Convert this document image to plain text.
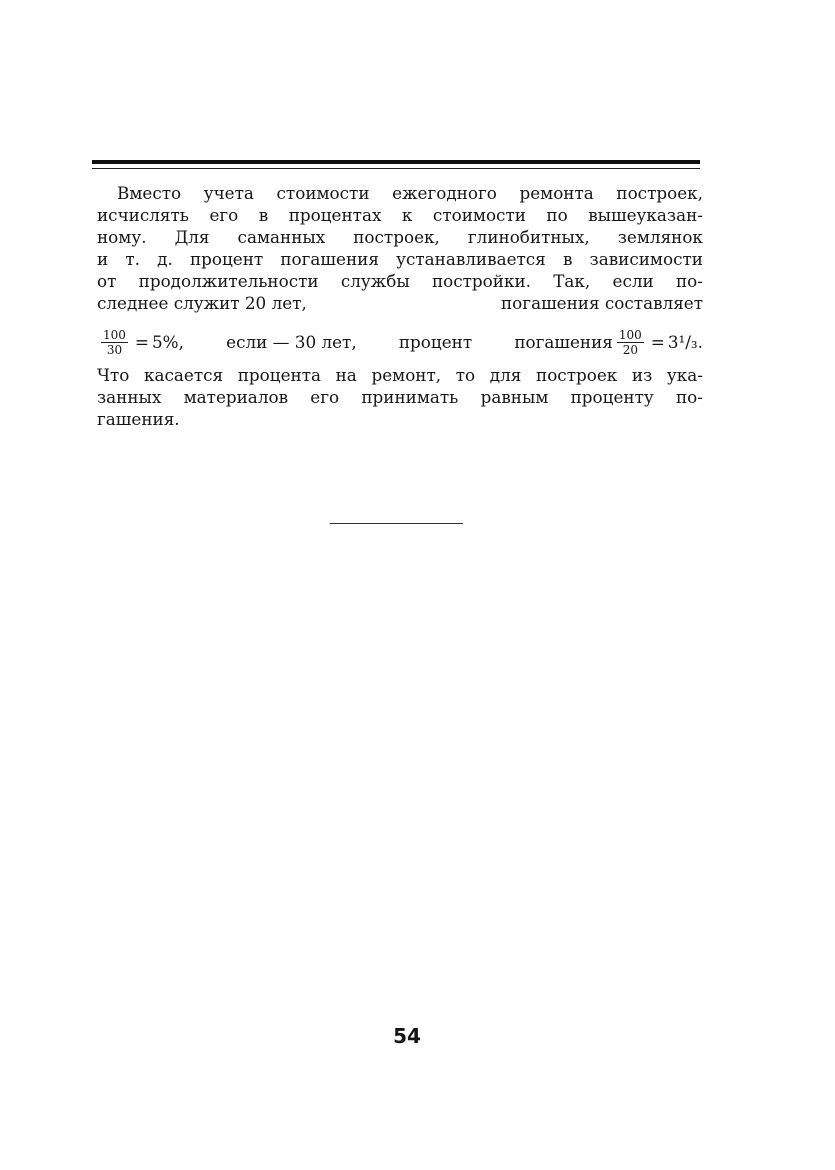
Вместо учета стоимости ежегодного ремонта построек,
исчислять его в процентах к стоимости по вышеуказан-
ному. Для саманных построек, глинобитных, землянок
и т. д. процент погашения устанавливается в зависимости
от продолжительности службы постройки. Так, если по-
следнее служит 20 лет,	погашения составляет
$\frac{100}{30} = 5\%$,	если — 30 лет,	процент	погашения $\frac{100}{20} = 3^1/_3$.
Что касается процента на ремонт, то для построек из ука-
занных материалов его принимать равным проценту по-
гашения.
54
